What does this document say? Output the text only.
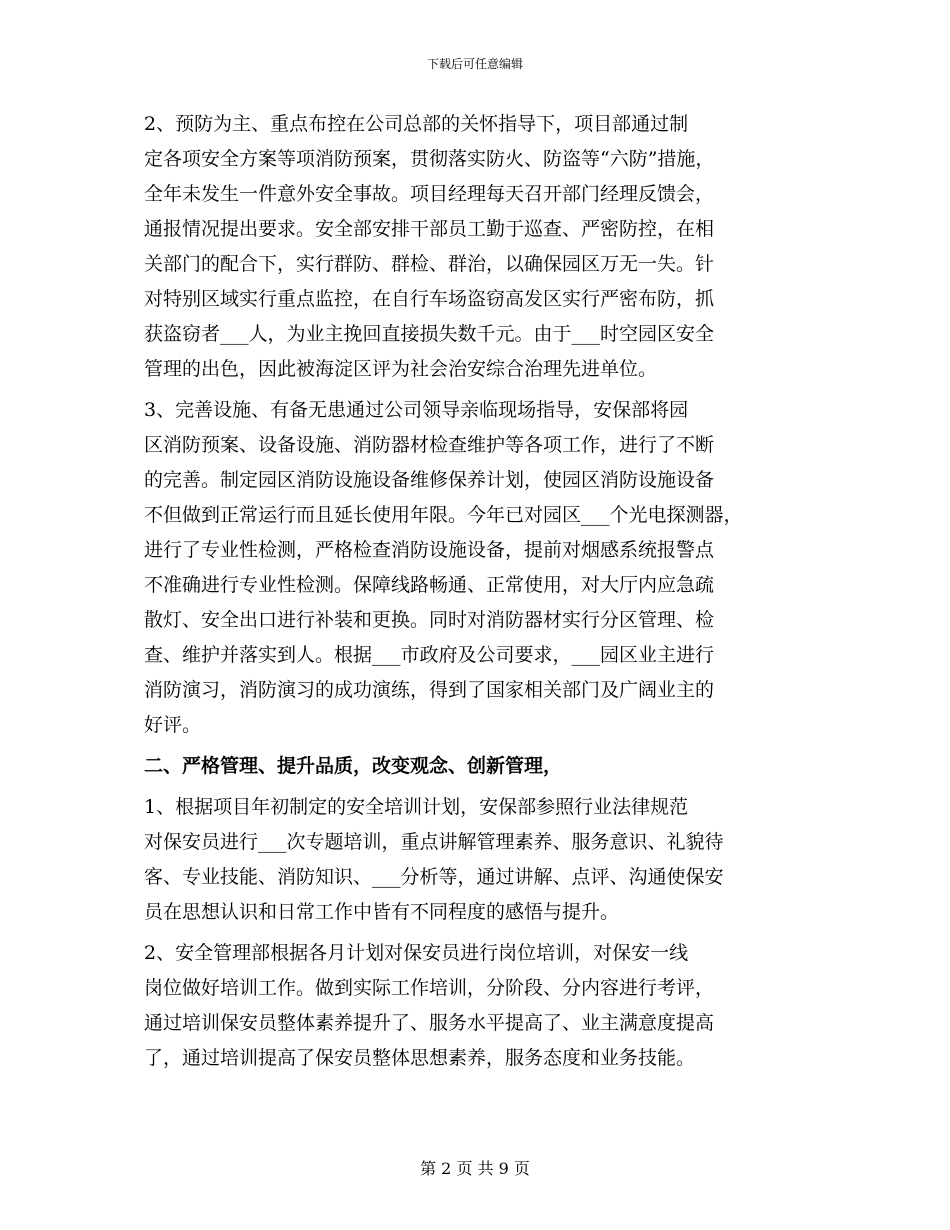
下载后可任意编辑

2、预防为主、重点布控在公司总部的关怀指导下，项目部通过制
定各项安全方案等项消防预案，贯彻落实防火、防盗等“六防”措施，
全年未发生一件意外安全事故。项目经理每天召开部门经理反馈会，
通报情况提出要求。安全部安排干部员工勤于巡查、严密防控，在相
关部门的配合下，实行群防、群检、群治，以确保园区万无一失。针
对特别区域实行重点监控，在自行车场盗窃高发区实行严密布防，抓
获盗窃者___人，为业主挽回直接损失数千元。由于___时空园区安全
管理的出色，因此被海淀区评为社会治安综合治理先进单位。

3、完善设施、有备无患通过公司领导亲临现场指导，安保部将园
区消防预案、设备设施、消防器材检查维护等各项工作，进行了不断
的完善。制定园区消防设施设备维修保养计划，使园区消防设施设备
不但做到正常运行而且延长使用年限。今年已对园区___个光电探测器，
进行了专业性检测，严格检查消防设施设备，提前对烟感系统报警点
不准确进行专业性检测。保障线路畅通、正常使用，对大厅内应急疏
散灯、安全出口进行补装和更换。同时对消防器材实行分区管理、检
查、维护并落实到人。根据___市政府及公司要求，___园区业主进行
消防演习，消防演习的成功演练，得到了国家相关部门及广阔业主的
好评。

二、严格管理、提升品质，改变观念、创新管理，

1、根据项目年初制定的安全培训计划，安保部参照行业法律规范
对保安员进行___次专题培训，重点讲解管理素养、服务意识、礼貌待
客、专业技能、消防知识、___分析等，通过讲解、点评、沟通使保安
员在思想认识和日常工作中皆有不同程度的感悟与提升。

2、安全管理部根据各月计划对保安员进行岗位培训，对保安一线
岗位做好培训工作。做到实际工作培训，分阶段、分内容进行考评，
通过培训保安员整体素养提升了、服务水平提高了、业主满意度提高
了，通过培训提高了保安员整体思想素养，服务态度和业务技能。

第 2 页 共 9 页
